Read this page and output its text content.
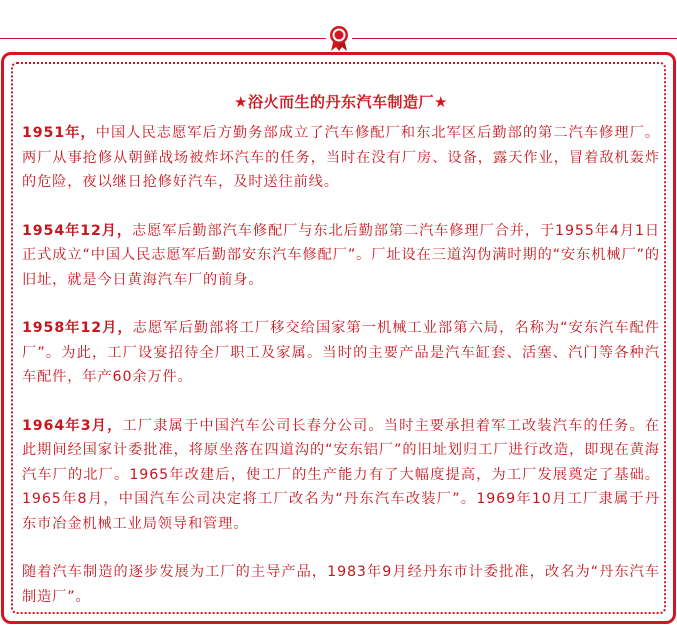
★浴火而生的丹东汽车制造厂★

1951年，中国人民志愿军后方勤务部成立了汽车修配厂和东北军区后勤部的第二汽车修理厂。两厂从事抢修从朝鲜战场被炸坏汽车的任务，当时在没有厂房、设备，露天作业，冒着敌机轰炸的危险，夜以继日抢修好汽车，及时送往前线。

1954年12月，志愿军后勤部汽车修配厂与东北后勤部第二汽车修理厂合并，于1955年4月1日正式成立“中国人民志愿军后勤部安东汽车修配厂”。厂址设在三道沟伪满时期的“安东机械厂”的旧址，就是今日黄海汽车厂的前身。

1958年12月，志愿军后勤部将工厂移交给国家第一机械工业部第六局，名称为“安东汽车配件厂”。为此，工厂设宴招待全厂职工及家属。当时的主要产品是汽车缸套、活塞、汽门等各种汽车配件，年产60余万件。

1964年3月，工厂隶属于中国汽车公司长春分公司。当时主要承担着军工改装汽车的任务。在此期间经国家计委批准，将原坐落在四道沟的“安东铝厂”的旧址划归工厂进行改造，即现在黄海汽车厂的北厂。1965年改建后，使工厂的生产能力有了大幅度提高，为工厂发展奠定了基础。1965年8月，中国汽车公司决定将工厂改名为“丹东汽车改装厂”。1969年10月工厂隶属于丹东市冶金机械工业局领导和管理。

随着汽车制造的逐步发展为工厂的主导产品，1983年9月经丹东市计委批准，改名为“丹东汽车制造厂”。
